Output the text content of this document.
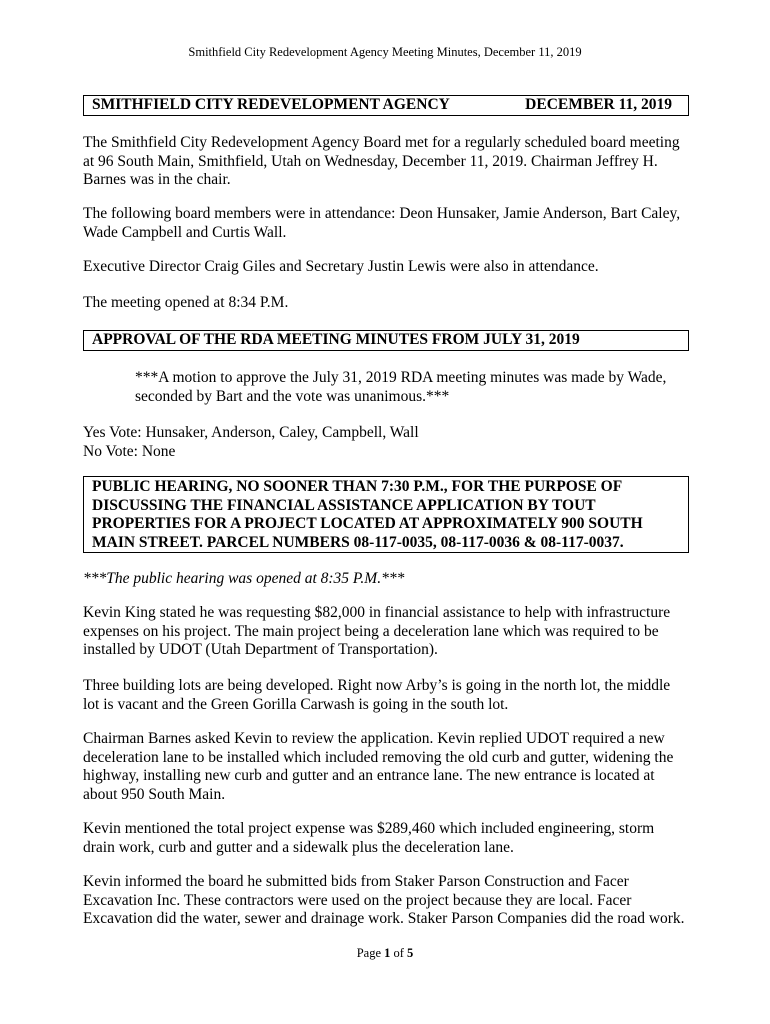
Smithfield City Redevelopment Agency Meeting Minutes, December 11, 2019
SMITHFIELD CITY REDEVELOPMENT AGENCY	DECEMBER 11, 2019

The Smithfield City Redevelopment Agency Board met for a regularly scheduled board meeting at 96 South Main, Smithfield, Utah on Wednesday, December 11, 2019. Chairman Jeffrey H. Barnes was in the chair.

The following board members were in attendance: Deon Hunsaker, Jamie Anderson, Bart Caley, Wade Campbell and Curtis Wall.

Executive Director Craig Giles and Secretary Justin Lewis were also in attendance.

The meeting opened at 8:34 P.M.

APPROVAL OF THE RDA MEETING MINUTES FROM JULY 31, 2019

***A motion to approve the July 31, 2019 RDA meeting minutes was made by Wade, seconded by Bart and the vote was unanimous.***

Yes Vote: Hunsaker, Anderson, Caley, Campbell, Wall

No Vote: None

PUBLIC HEARING, NO SOONER THAN 7:30 P.M., FOR THE PURPOSE OF DISCUSSING THE FINANCIAL ASSISTANCE APPLICATION BY TOUT PROPERTIES FOR A PROJECT LOCATED AT APPROXIMATELY 900 SOUTH MAIN STREET. PARCEL NUMBERS 08-117-0035, 08-117-0036 & 08-117-0037.

***The public hearing was opened at 8:35 P.M.***

Kevin King stated he was requesting $82,000 in financial assistance to help with infrastructure expenses on his project. The main project being a deceleration lane which was required to be installed by UDOT (Utah Department of Transportation).

Three building lots are being developed. Right now Arby’s is going in the north lot, the middle lot is vacant and the Green Gorilla Carwash is going in the south lot.

Chairman Barnes asked Kevin to review the application. Kevin replied UDOT required a new deceleration lane to be installed which included removing the old curb and gutter, widening the highway, installing new curb and gutter and an entrance lane. The new entrance is located at about 950 South Main.

Kevin mentioned the total project expense was $289,460 which included engineering, storm drain work, curb and gutter and a sidewalk plus the deceleration lane.

Kevin informed the board he submitted bids from Staker Parson Construction and Facer Excavation Inc. These contractors were used on the project because they are local. Facer Excavation did the water, sewer and drainage work. Staker Parson Companies did the road work.

Page 1 of 5
